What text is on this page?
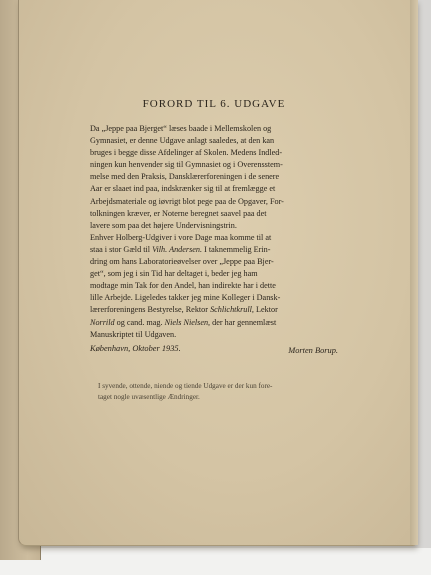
FORORD TIL 6. UDGAVE

Da „Jeppe paa Bjerget“ læses baade i Mellemskolen og
Gymnasiet, er denne Udgave anlagt saaledes, at den kan
bruges i begge disse Afdelinger af Skolen. Medens Indled-
ningen kun henvender sig til Gymnasiet og i Overensstem-
melse med den Praksis, Dansklærerforeningen i de senere
Aar er slaaet ind paa, indskrænker sig til at fremlægge et
Arbejdsmateriale og iøvrigt blot pege paa de Opgaver, For-
tolkningen kræver, er Noterne beregnet saavel paa det
lavere som paa det højere Undervisningstrin.

Enhver Holberg-Udgiver i vore Dage maa komme til at
staa i stor Gæld til Vilh. Andersen. I taknemmelig Erin-
dring om hans Laboratorieøvelser over „Jeppe paa Bjer-
get“, som jeg i sin Tid har deltaget i, beder jeg ham
modtage min Tak for den Andel, han indirekte har i dette
lille Arbejde. Ligeledes takker jeg mine Kolleger i Dansk-
lærerforeningens Bestyrelse, Rektor Schlichtkrull, Lektor
Norrild og cand. mag. Niels Nielsen, der har gennemlæst
Manuskriptet til Udgaven.

København, Oktober 1935.	Morten Borup.
I syvende, ottende, niende og tiende Udgave er der kun fore-
taget nogle uvæsentlige Ændringer.
